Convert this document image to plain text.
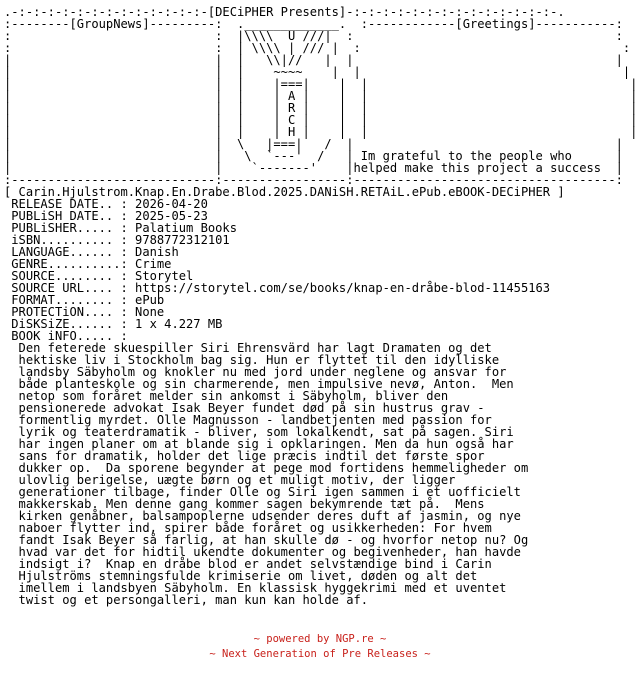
.-:-:-:-:-:-:-:-:-:-:-:-:-:-[DECiPHER Presents]-:-:-:-:-:-:-:-:-:-:-:-:-:-:-.
:--------[GroupNews]---------:  ._____________.  :------------[Greetings]-----------:
:                            :  |\\\\  U ///|  :                                    :
:                            :  | \\\\ | /// |  :                                    :
|                            |  |   \\|//   |  |                                    |
|                            |  |    ~~~~    |  |                                    |
|                            |  |    |===|    |  |                                    |
|                            |  |    | A |    |  |                                    |
|                            |  |    | R |    |  |                                    |
|                            |  |    | C |    |  |                                    |
|                            |  |    | H |    |  |                                    |
|                            |  \   |===|   /  |                                    |
|                            |   \  `---'  /   | Im grateful to the people who      |
|                            |    `-------'    |helped make this project a success  |
:----------------------------:-----------------:------------------------------------:
[ Carin.Hjulstrom.Knap.En.Drabe.Blod.2025.DANiSH.RETAiL.ePub.eBOOK-DECiPHER ]
RELEASE DATE.. : 2026-04-20
PUBLiSH DATE.. : 2025-05-23
PUBLiSHER..... : Palatium Books
iSBN.......... : 9788772312101
LANGUAGE...... : Danish
GENRE..........: Crime
SOURCE........ : Storytel
SOURCE URL.... : https://storytel.com/se/books/knap-en-dråbe-blod-11455163
FORMAT........ : ePub
PROTECTiON.... : None
DiSKSiZE...... : 1 x 4.227 MB
BOOK iNFO..... :
Den feterede skuespiller Siri Ehrensvärd har lagt Dramaten og det
hektiske liv i Stockholm bag sig. Hun er flyttet til den idylliske
landsby Säbyholm og knokler nu med jord under neglene og ansvar for
både planteskole og sin charmerende, men impulsive nevø, Anton.  Men
netop som foråret melder sin ankomst i Säbyholm, bliver den
pensionerede advokat Isak Beyer fundet død på sin hustrus grav -
formentlig myrdet. Olle Magnusson - landbetjenten med passion for
lyrik og teaterdramatik - bliver, som lokalkendt, sat på sagen. Siri
har ingen planer om at blande sig i opklaringen. Men da hun også har
sans for dramatik, holder det lige præcis indtil det første spor
dukker op.  Da sporene begynder at pege mod fortidens hemmeligheder om
ulovlig berigelse, uægte børn og et muligt motiv, der ligger
generationer tilbage, finder Olle og Siri igen sammen i et uofficielt
makkerskab. Men denne gang kommer sagen bekymrende tæt på.  Mens
kirken genåbner, balsampoplerne udsender deres duft af jasmin, og nye
naboer flytter ind, spirer både foråret og usikkerheden: For hvem
fandt Isak Beyer så farlig, at han skulle dø - og hvorfor netop nu? Og
hvad var det for hidtil ukendte dokumenter og begivenheder, han havde
indsigt i?  Knap en dråbe blod er andet selvstændige bind i Carin
Hjulströms stemningsfulde krimiserie om livet, døden og alt det
imellem i landsbyen Säbyholm. En klassisk hyggekrimi med et uventet
twist og et persongalleri, man kun kan holde af.
~ powered by NGP.re ~
~ Next Generation of Pre Releases ~
